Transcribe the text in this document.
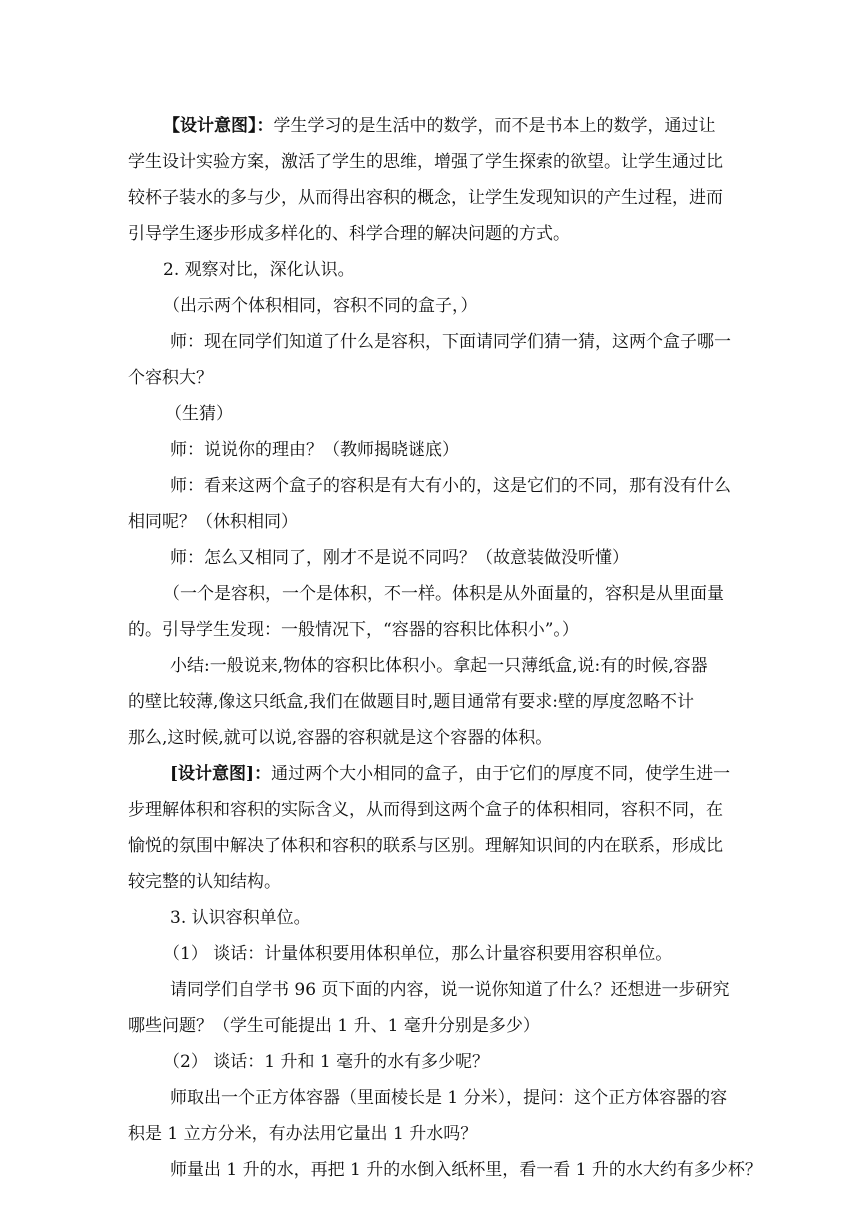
【设计意图】：学生学习的是生活中的数学，而不是书本上的数学，通过让
学生设计实验方案，激活了学生的思维，增强了学生探索的欲望。让学生通过比
较杯子装水的多与少，从而得出容积的概念，让学生发现知识的产生过程，进而
引导学生逐步形成多样化的、科学合理的解决问题的方式。
2. 观察对比，深化认识。
（出示两个体积相同，容积不同的盒子，）
师：现在同学们知道了什么是容积，下面请同学们猜一猜，这两个盒子哪一
个容积大？
（生猜）
师：说说你的理由？（教师揭晓谜底）
师：看来这两个盒子的容积是有大有小的，这是它们的不同，那有没有什么
相同呢？（休积相同）
师：怎么又相同了，刚才不是说不同吗？（故意装做没听懂）
（一个是容积，一个是体积，不一样。体积是从外面量的，容积是从里面量
的。引导学生发现：一般情况下，“容器的容积比体积小”。）
小结:一般说来,物体的容积比体积小。拿起一只薄纸盒,说:有的时候,容器
的壁比较薄,像这只纸盒,我们在做题目时,题目通常有要求:壁的厚度忽略不计
那么,这时候,就可以说,容器的容积就是这个容器的体积。
[设计意图]：通过两个大小相同的盒子，由于它们的厚度不同，使学生进一
步理解体积和容积的实际含义，从而得到这两个盒子的体积相同，容积不同，在
愉悦的氛围中解决了体积和容积的联系与区别。理解知识间的内在联系，形成比
较完整的认知结构。
3. 认识容积单位。
（1） 谈话：计量体积要用体积单位，那么计量容积要用容积单位。
请同学们自学书 96 页下面的内容，说一说你知道了什么？还想进一步研究
哪些问题？（学生可能提出 1 升、1 毫升分别是多少）
（2） 谈话：1 升和 1 毫升的水有多少呢？
师取出一个正方体容器（里面棱长是 1 分米），提问：这个正方体容器的容
积是 1 立方分米，有办法用它量出 1 升水吗？
师量出 1 升的水，再把 1 升的水倒入纸杯里，看一看 1 升的水大约有多少杯？
